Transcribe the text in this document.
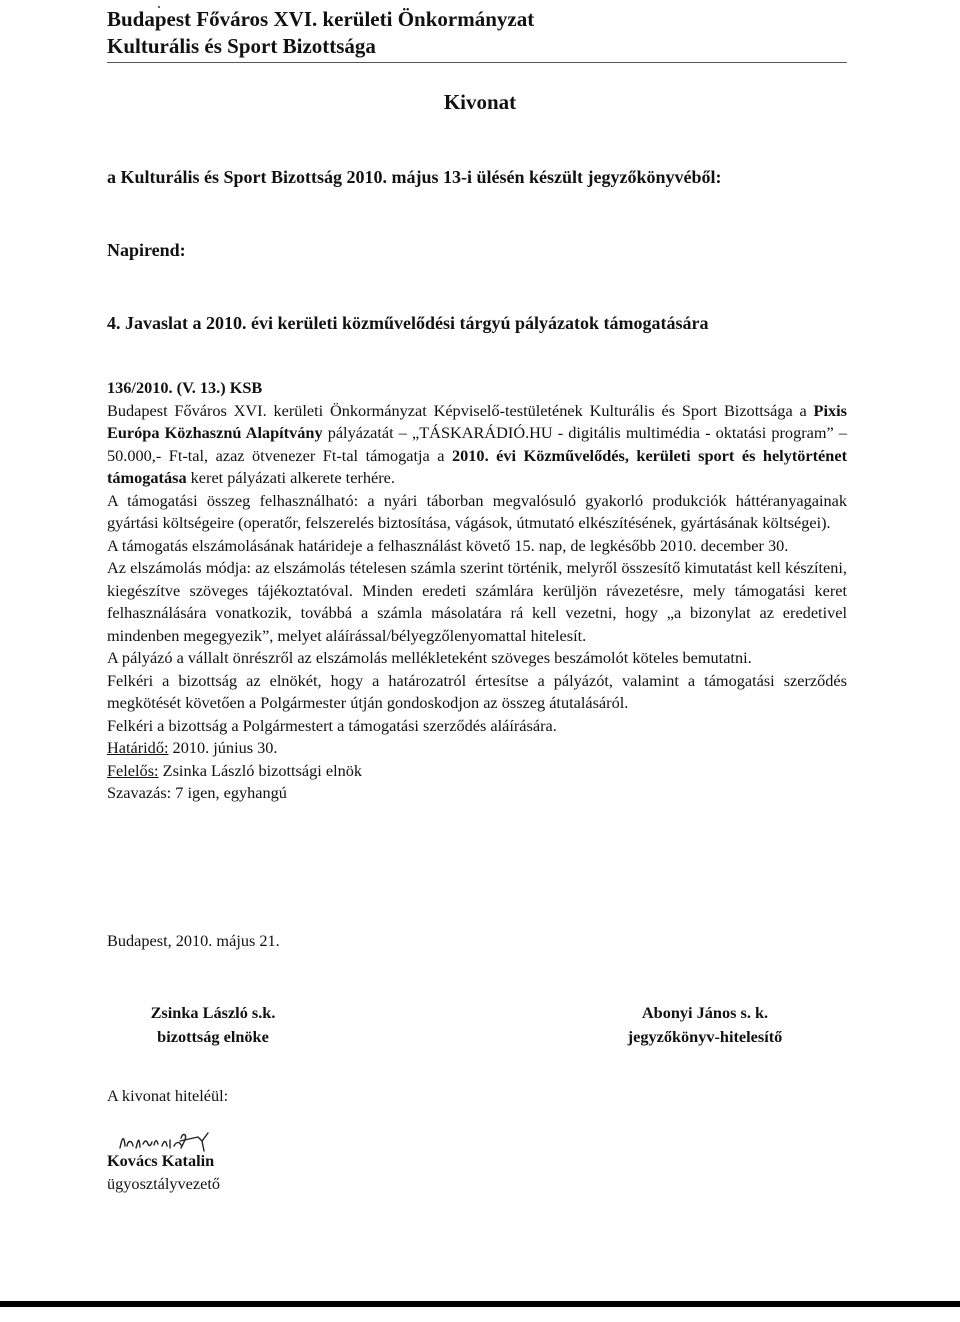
Budapest Főváros XVI. kerületi Önkormányzat

Kulturális és Sport Bizottsága

Kivonat
a Kulturális és Sport Bizottság 2010. május 13-i ülésén készült jegyzőkönyvéből:
Napirend:
4. Javaslat a 2010. évi kerületi közművelődési tárgyú pályázatok támogatására

136/2010. (V. 13.) KSB

Budapest Főváros XVI. kerületi Önkormányzat Képviselő-testületének Kulturális és Sport Bizottsága a Pixis Európa Közhasznú Alapítvány pályázatát – „TÁSKARÁDIÓ.HU - digitális multimédia - oktatási program” – 50.000,- Ft-tal, azaz ötvenezer Ft-tal támogatja a 2010. évi Közművelődés, kerületi sport és helytörténet támogatása keret pályázati alkerete terhére.

A támogatási összeg felhasználható: a nyári táborban megvalósuló gyakorló produkciók háttéranyagainak gyártási költségeire (operatőr, felszerelés biztosítása, vágások, útmutató elkészítésének, gyártásának költségei).

A támogatás elszámolásának határideje a felhasználást követő 15. nap, de legkésőbb 2010. december 30.

Az elszámolás módja: az elszámolás tételesen számla szerint történik, melyről összesítő kimutatást kell készíteni, kiegészítve szöveges tájékoztatóval. Minden eredeti számlára kerüljön rávezetésre, mely támogatási keret felhasználására vonatkozik, továbbá a számla másolatára rá kell vezetni, hogy „a bizonylat az eredetivel mindenben megegyezik”, melyet aláírással/bélyegzőlenyomattal hitelesít.

A pályázó a vállalt önrészről az elszámolás mellékleteként szöveges beszámolót köteles bemutatni.

Felkéri a bizottság az elnökét, hogy a határozatról értesítse a pályázót, valamint a támogatási szerződés megkötését követően a Polgármester útján gondoskodjon az összeg átutalásáról.

Felkéri a bizottság a Polgármestert a támogatási szerződés aláírására.

Határidő: 2010. június 30.

Felelős: Zsinka László bizottsági elnök

Szavazás: 7 igen, egyhangú

Budapest, 2010. május 21.
Zsinka László s.k.
bizottság elnöke
Abonyi János s. k.
jegyzőkönyv-hitelesítő
A kivonat hiteléül:
Kovács Katalin
ügyosztályvezető
